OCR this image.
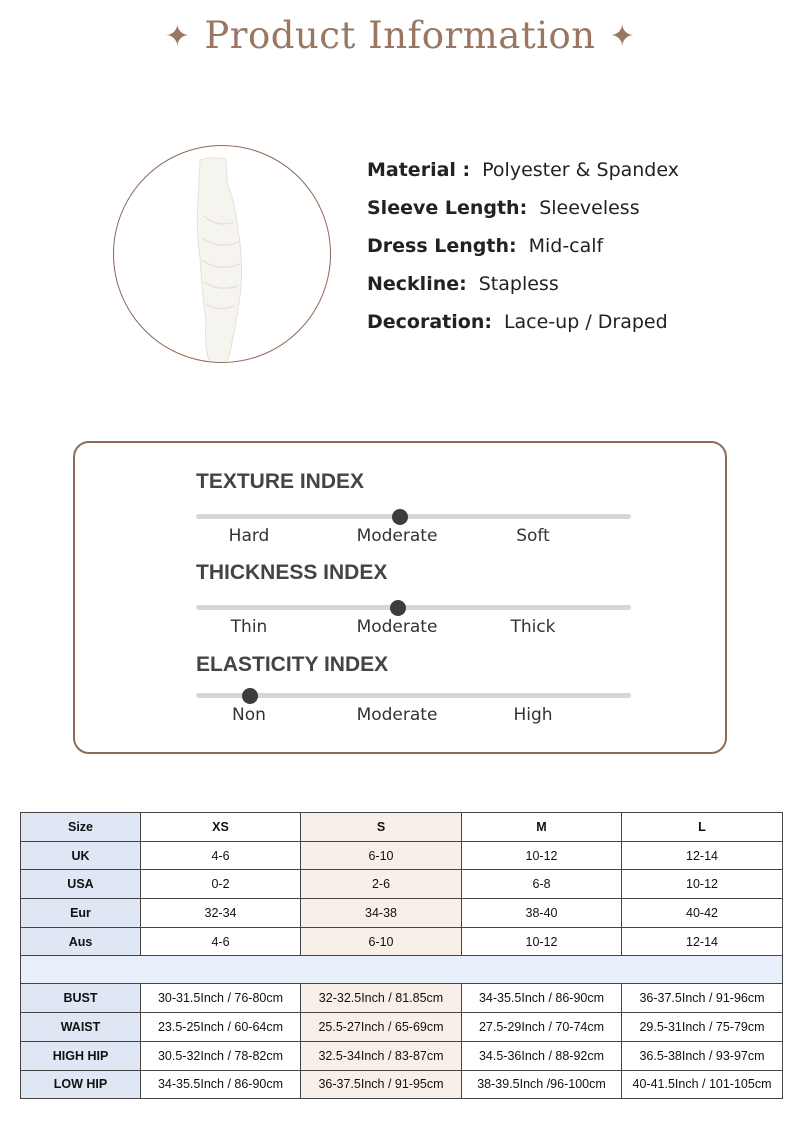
✦ Product Information ✦
Material : Polyester & Spandex
Sleeve Length: Sleeveless
Dress Length: Mid-calf
Neckline: Stapless
Decoration: Lace-up / Draped
TEXTURE INDEX
Hard	Moderate	Soft
THICKNESS INDEX
Thin	Moderate	Thick
ELASTICITY INDEX
Non	Moderate	High
Size	XS	S	M	L
UK	4-6	6-10	10-12	12-14
USA	0-2	2-6	6-8	10-12
Eur	32-34	34-38	38-40	40-42
Aus	4-6	6-10	10-12	12-14

BUST	30-31.5Inch / 76-80cm	32-32.5Inch / 81.85cm	34-35.5Inch / 86-90cm	36-37.5Inch / 91-96cm
WAIST	23.5-25Inch / 60-64cm	25.5-27Inch / 65-69cm	27.5-29Inch / 70-74cm	29.5-31Inch / 75-79cm
HIGH HIP	30.5-32Inch / 78-82cm	32.5-34Inch / 83-87cm	34.5-36Inch / 88-92cm	36.5-38Inch / 93-97cm
LOW HIP	34-35.5Inch / 86-90cm	36-37.5Inch / 91-95cm	38-39.5Inch /96-100cm	40-41.5Inch / 101-105cm
